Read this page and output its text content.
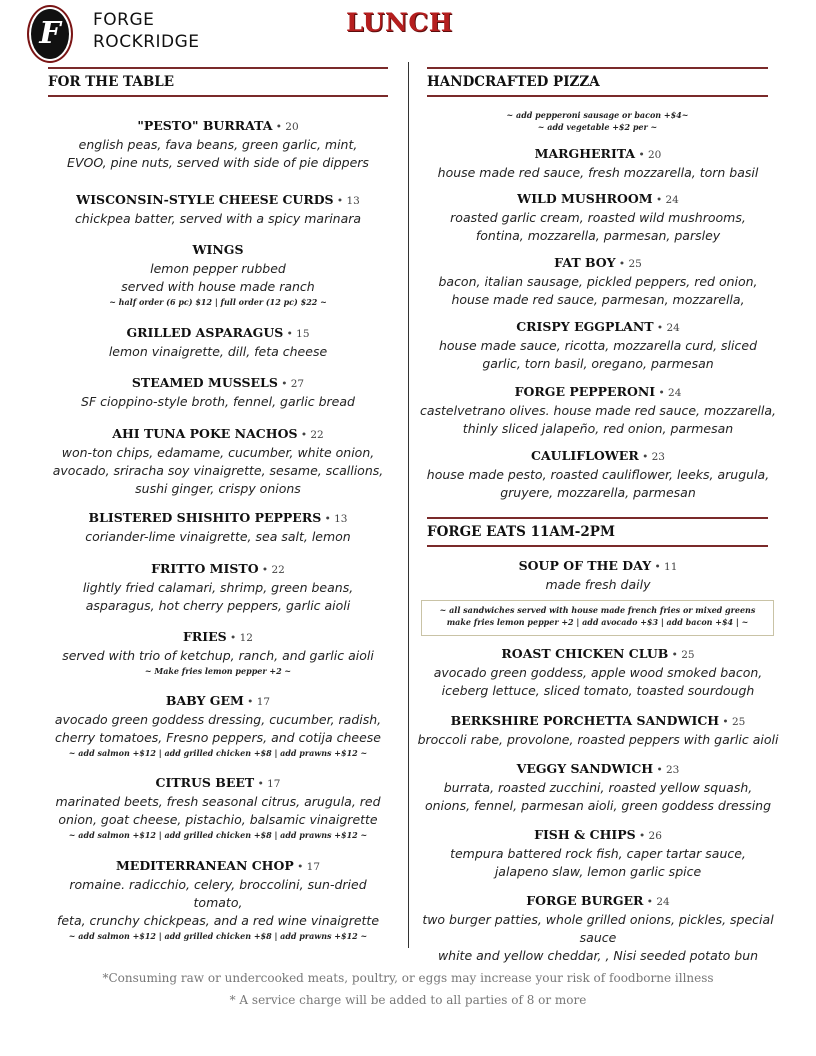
F FORGE
ROCKRIDGE
LUNCH
FOR THE TABLE	HANDCRAFTED PIZZA
FORGE EATS 11AM-2PM
"PESTO" BURRATA • 20
english peas, fava beans, green garlic, mint,
EVOO, pine nuts, served with side of pie dippers
WISCONSIN-STYLE CHEESE CURDS • 13
chickpea batter, served with a spicy marinara
WINGS
lemon pepper rubbed
served with house made ranch
~ half order (6 pc) $12 | full order (12 pc) $22 ~
GRILLED ASPARAGUS • 15
lemon vinaigrette, dill, feta cheese
STEAMED MUSSELS • 27
SF cioppino-style broth, fennel, garlic bread
AHI TUNA POKE NACHOS • 22
won-ton chips, edamame, cucumber, white onion,
avocado, sriracha soy vinaigrette, sesame, scallions,
sushi ginger, crispy onions
BLISTERED SHISHITO PEPPERS • 13
coriander-lime vinaigrette, sea salt, lemon
FRITTO MISTO • 22
lightly fried calamari, shrimp, green beans,
asparagus, hot cherry peppers, garlic aioli
FRIES • 12
served with trio of ketchup, ranch, and garlic aioli
~ Make fries lemon pepper +2 ~
BABY GEM • 17
avocado green goddess dressing, cucumber, radish,
cherry tomatoes, Fresno peppers, and cotija cheese
~ add salmon +$12 | add grilled chicken +$8 | add prawns +$12 ~
CITRUS BEET • 17
marinated beets, fresh seasonal citrus, arugula, red
onion, goat cheese, pistachio, balsamic vinaigrette
~ add salmon +$12 | add grilled chicken +$8 | add prawns +$12 ~
MEDITERRANEAN CHOP • 17
romaine. radicchio, celery, broccolini, sun-dried tomato,
feta, crunchy chickpeas, and a red wine vinaigrette
~ add salmon +$12 | add grilled chicken +$8 | add prawns +$12 ~
MARGHERITA • 20
house made red sauce, fresh mozzarella, torn basil
WILD MUSHROOM • 24
roasted garlic cream, roasted wild mushrooms,
fontina, mozzarella, parmesan, parsley
FAT BOY • 25
bacon, italian sausage, pickled peppers, red onion,
house made red sauce, parmesan, mozzarella,
CRISPY EGGPLANT • 24
house made sauce, ricotta, mozzarella curd, sliced
garlic, torn basil, oregano, parmesan
FORGE PEPPERONI • 24
castelvetrano olives. house made red sauce, mozzarella,
thinly sliced jalapeño, red onion, parmesan
CAULIFLOWER • 23
house made pesto, roasted cauliflower, leeks, arugula,
gruyere, mozzarella, parmesan
SOUP OF THE DAY • 11
made fresh daily
ROAST CHICKEN CLUB • 25
avocado green goddess, apple wood smoked bacon,
iceberg lettuce, sliced tomato, toasted sourdough
BERKSHIRE PORCHETTA SANDWICH • 25
broccoli rabe, provolone, roasted peppers with garlic aioli
VEGGY SANDWICH • 23
burrata, roasted zucchini, roasted yellow squash,
onions, fennel, parmesan aioli, green goddess dressing
FISH & CHIPS • 26
tempura battered rock fish, caper tartar sauce,
jalapeno slaw, lemon garlic spice
FORGE BURGER • 24
two burger patties, whole grilled onions, pickles, special sauce
white and yellow cheddar, , Nisi seeded potato bun
~ add pepperoni sausage or bacon +$4~
~ add vegetable +$2 per ~
~ all sandwiches served with house made french fries or mixed greens
make fries lemon pepper +2 | add avocado +$3 | add bacon +$4 | ~
*Consuming raw or undercooked meats, poultry, or eggs may increase your risk of foodborne illness
* A service charge will be added to all parties of 8 or more
